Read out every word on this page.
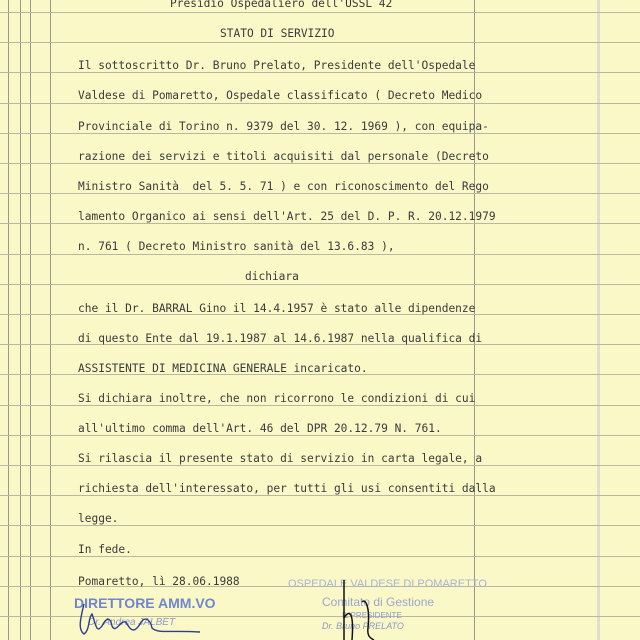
Presidio Ospedaliero dell'USSL 42
STATO DI SERVIZIO
Il sottoscritto Dr. Bruno Prelato, Presidente dell'Ospedale
Valdese di Pomaretto, Ospedale classificato ( Decreto Medico
Provinciale di Torino n. 9379 del 30. 12. 1969 ), con equipa-
razione dei servizi e titoli acquisiti dal personale (Decreto
Ministro Sanità  del 5. 5. 71 ) e con riconoscimento del Rego
lamento Organico ai sensi dell'Art. 25 del D. P. R. 20.12.1979
n. 761 ( Decreto Ministro sanità del 13.6.83 ),
dichiara
che il Dr. BARRAL Gino il 14.4.1957 è stato alle dipendenze
di questo Ente dal 19.1.1987 al 14.6.1987 nella qualifica di
ASSISTENTE DI MEDICINA GENERALE incaricato.
Si dichiara inoltre, che non ricorrono le condizioni di cui
all'ultimo comma dell'Art. 46 del DPR 20.12.79 N. 761.
Si rilascia il presente stato di servizio in carta legale, a
richiesta dell'interessato, per tutti gli usi consentiti dalla
legge.
In fede.
Pomaretto, lì 28.06.1988
DIRETTORE AMM.VO
Dr. Andrea JALBET
OSPEDALE VALDESE DI POMARETTO
Comitato di Gestione
IL PRESIDENTE
Dr. Bruno PRELATO
